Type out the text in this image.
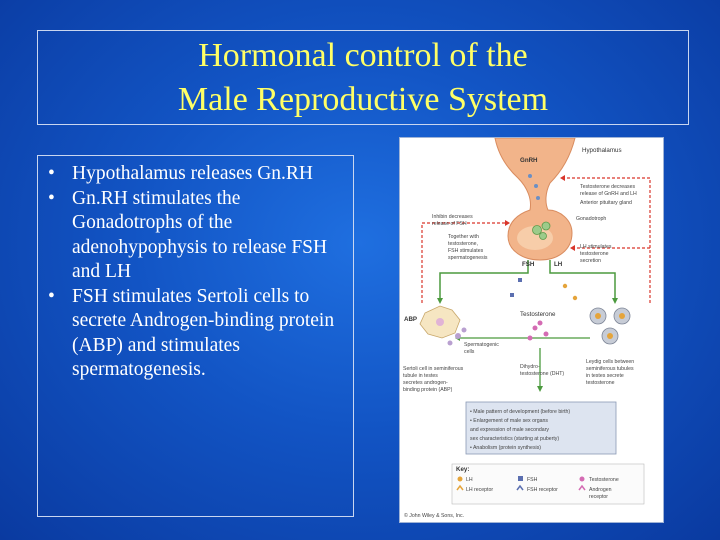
Hormonal control of the
Male Reproductive System
• Hypothalamus releases Gn.RH
• Gn.RH stimulates the Gonadotrophs of the adenohypophysis to release FSH and LH
• FSH stimulates Sertoli cells to secrete Androgen-binding protein (ABP) and stimulates spermatogenesis.
GnRH
Hypothalamus
Testosterone decreases
release of GnRH and LH
Anterior pituitary gland
Inhibin decreases
release of FSH
Gonadotroph
Together with
testosterone,
FSH stimulates
spermatogenesis
FSH	LH
LH stimulates
testosterone
secretion
ABP
Testosterone
Spermatogenic
cells
Sertoli cell in seminiferous
tubule in testes
secretes androgen-
binding protein (ABP)
Dihydro-
testosterone (DHT)
Leydig cells between
seminiferous tubules
in testes secrete
testosterone
• Male pattern of development (before birth)
• Enlargement of male sex organs
and expression of male secondary
sex characteristics (starting at puberty)
• Anabolism (protein synthesis)
Key:
LH
LH receptor
FSH
FSH receptor
Testosterone
Androgen
receptor
© John Wiley & Sons, Inc.
